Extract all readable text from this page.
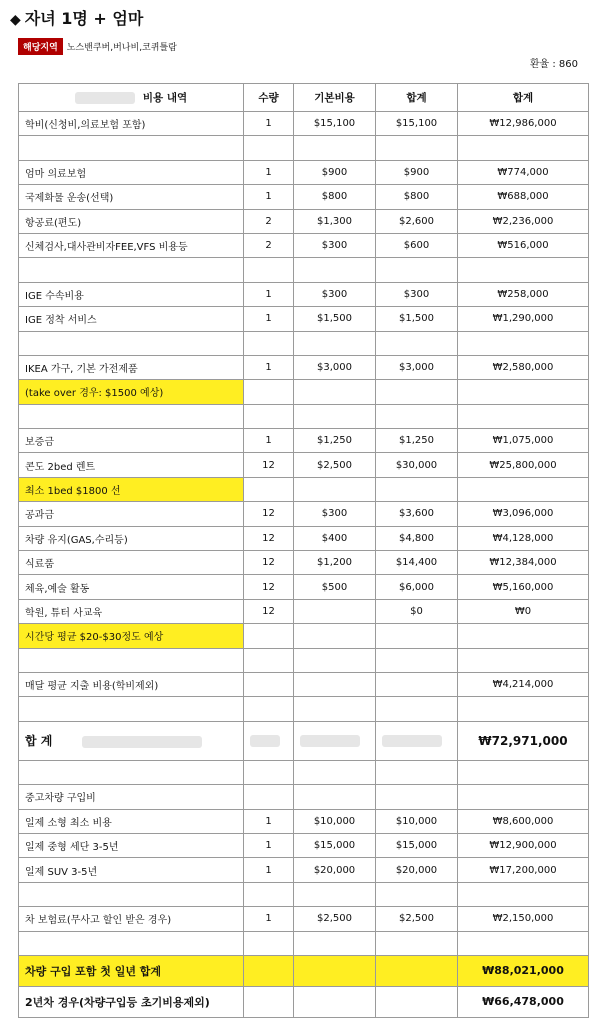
◆ 자녀 1명 + 엄마
해당지역	노스밴쿠버,버나비,코퀴틀람
환율 : 860
비용 내역	수량	기본비용	합계	합계
학비(신청비,의료보험 포함)	1	$15,100	$15,100	₩12,986,000

엄마 의료보험	1	$900	$900	₩774,000
국제화물 운송(선택)	1	$800	$800	₩688,000
항공료(편도)	2	$1,300	$2,600	₩2,236,000
신체검사,대사관비자FEE,VFS 비용등	2	$300	$600	₩516,000

IGE 수속비용	1	$300	$300	₩258,000
IGE 정착 서비스	1	$1,500	$1,500	₩1,290,000

IKEA 가구, 기본 가전제품	1	$3,000	$3,000	₩2,580,000
(take over 경우: $1500 예상)				

보증금	1	$1,250	$1,250	₩1,075,000
콘도 2bed 렌트	12	$2,500	$30,000	₩25,800,000
최소 1bed $1800 선				
공과금	12	$300	$3,600	₩3,096,000
차량 유지(GAS,수리등)	12	$400	$4,800	₩4,128,000
식료품	12	$1,200	$14,400	₩12,384,000
체육,예술 활동	12	$500	$6,000	₩5,160,000
학원, 튜터 사교육	12		$0	₩0
시간당 평균 $20-$30정도 예상				

매달 평균 지출 비용(학비제외)				₩4,214,000

합 계				₩72,971,000

중고차량 구입비				
일제 소형 최소 비용	1	$10,000	$10,000	₩8,600,000
일제 중형 세단 3-5년	1	$15,000	$15,000	₩12,900,000
일제 SUV 3-5년	1	$20,000	$20,000	₩17,200,000

차 보험료(무사고 할인 받은 경우)	1	$2,500	$2,500	₩2,150,000

차량 구입 포함 첫 일년 합계				₩88,021,000
2년차 경우(차량구입등 초기비용제외)				₩66,478,000
